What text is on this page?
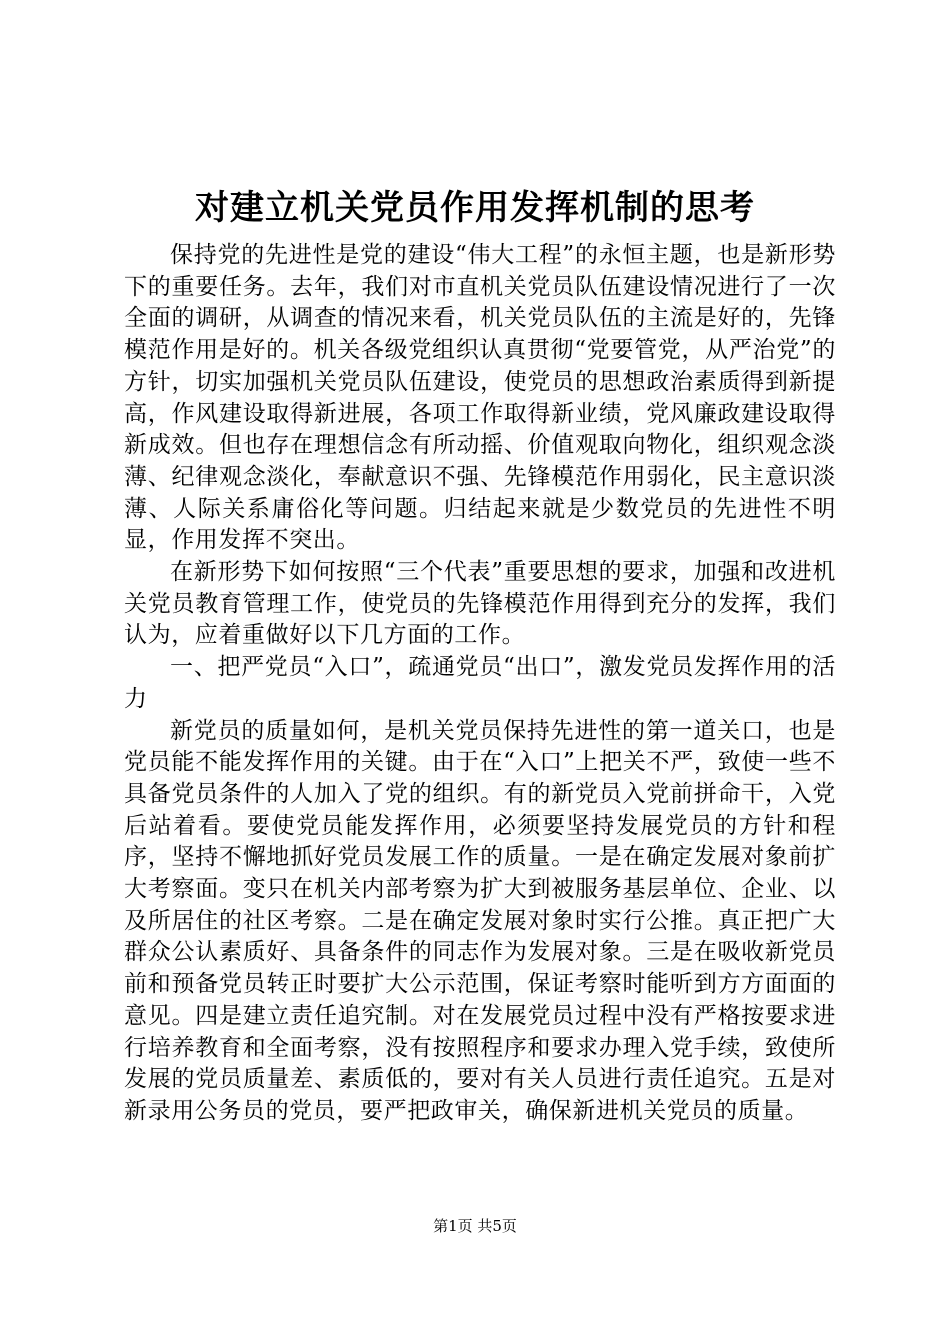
对建立机关党员作用发挥机制的思考

保持党的先进性是党的建设“伟大工程”的永恒主题，也是新形势下的重要任务。去年，我们对市直机关党员队伍建设情况进行了一次全面的调研，从调查的情况来看，机关党员队伍的主流是好的，先锋模范作用是好的。机关各级党组织认真贯彻“党要管党，从严治党”的方针，切实加强机关党员队伍建设，使党员的思想政治素质得到新提高，作风建设取得新进展，各项工作取得新业绩，党风廉政建设取得新成效。但也存在理想信念有所动摇、价值观取向物化，组织观念淡薄、纪律观念淡化，奉献意识不强、先锋模范作用弱化，民主意识淡薄、人际关系庸俗化等问题。归结起来就是少数党员的先进性不明显，作用发挥不突出。

在新形势下如何按照“三个代表”重要思想的要求，加强和改进机关党员教育管理工作，使党员的先锋模范作用得到充分的发挥，我们认为，应着重做好以下几方面的工作。

一、把严党员“入口”，疏通党员“出口”，激发党员发挥作用的活力

新党员的质量如何，是机关党员保持先进性的第一道关口，也是党员能不能发挥作用的关键。由于在“入口”上把关不严，致使一些不具备党员条件的人加入了党的组织。有的新党员入党前拼命干，入党后站着看。要使党员能发挥作用，必须要坚持发展党员的方针和程序，坚持不懈地抓好党员发展工作的质量。一是在确定发展对象前扩大考察面。变只在机关内部考察为扩大到被服务基层单位、企业、以及所居住的社区考察。二是在确定发展对象时实行公推。真正把广大群众公认素质好、具备条件的同志作为发展对象。三是在吸收新党员前和预备党员转正时要扩大公示范围，保证考察时能听到方方面面的意见。四是建立责任追究制。对在发展党员过程中没有严格按要求进行培养教育和全面考察，没有按照程序和要求办理入党手续，致使所发展的党员质量差、素质低的，要对有关人员进行责任追究。五是对新录用公务员的党员，要严把政审关，确保新进机关党员的质量。

第1页 共5页
